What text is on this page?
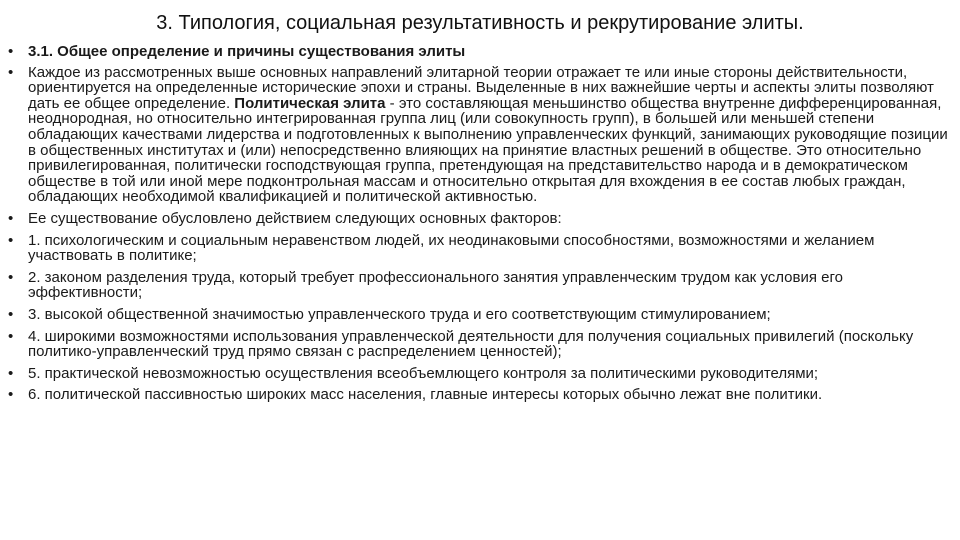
3. Типология, социальная результативность и рекрутирование элиты.
• 3.1. Общее определение и причины существования элиты
• Каждое из рассмотренных выше основных направлений элитарной теории отражает те или иные стороны действительности, ориентируется на определенные исторические эпохи и страны. Выделенные в них важнейшие черты и аспекты элиты позволяют дать ее общее определение. Политическая элита - это составляющая меньшинство общества внутренне дифференцированная, неоднородная, но относительно интегрированная группа лиц (или совокупность групп), в большей или меньшей степени обладающих качествами лидерства и подготовленных к выполнению управленческих функций, занимающих руководящие позиции в общественных институтах и (или) непосредственно влияющих на принятие властных решений в обществе. Это относительно привилегированная, политически господствующая группа, претендующая на представительство народа и в демократическом обществе в той или иной мере подконтрольная массам и относительно открытая для вхождения в ее состав любых граждан, обладающих необходимой квалификацией и политической активностью.
• Ее существование обусловлено действием следующих основных факторов:
• 1. психологическим и социальным неравенством людей, их неодинаковыми способностями, возможностями и желанием участвовать в политике;
• 2. законом разделения труда, который требует профессионального занятия управленческим трудом как условия его эффективности;
• 3. высокой общественной значимостью управленческого труда и его соответствующим стимулированием;
• 4. широкими возможностями использования управленческой деятельности для получения социальных привилегий (поскольку политико-управленческий труд прямо связан с распределением ценностей);
• 5. практической невозможностью осуществления всеобъемлющего контроля за политическими руководителями;
• 6. политической пассивностью широких масс населения, главные интересы которых обычно лежат вне политики.
